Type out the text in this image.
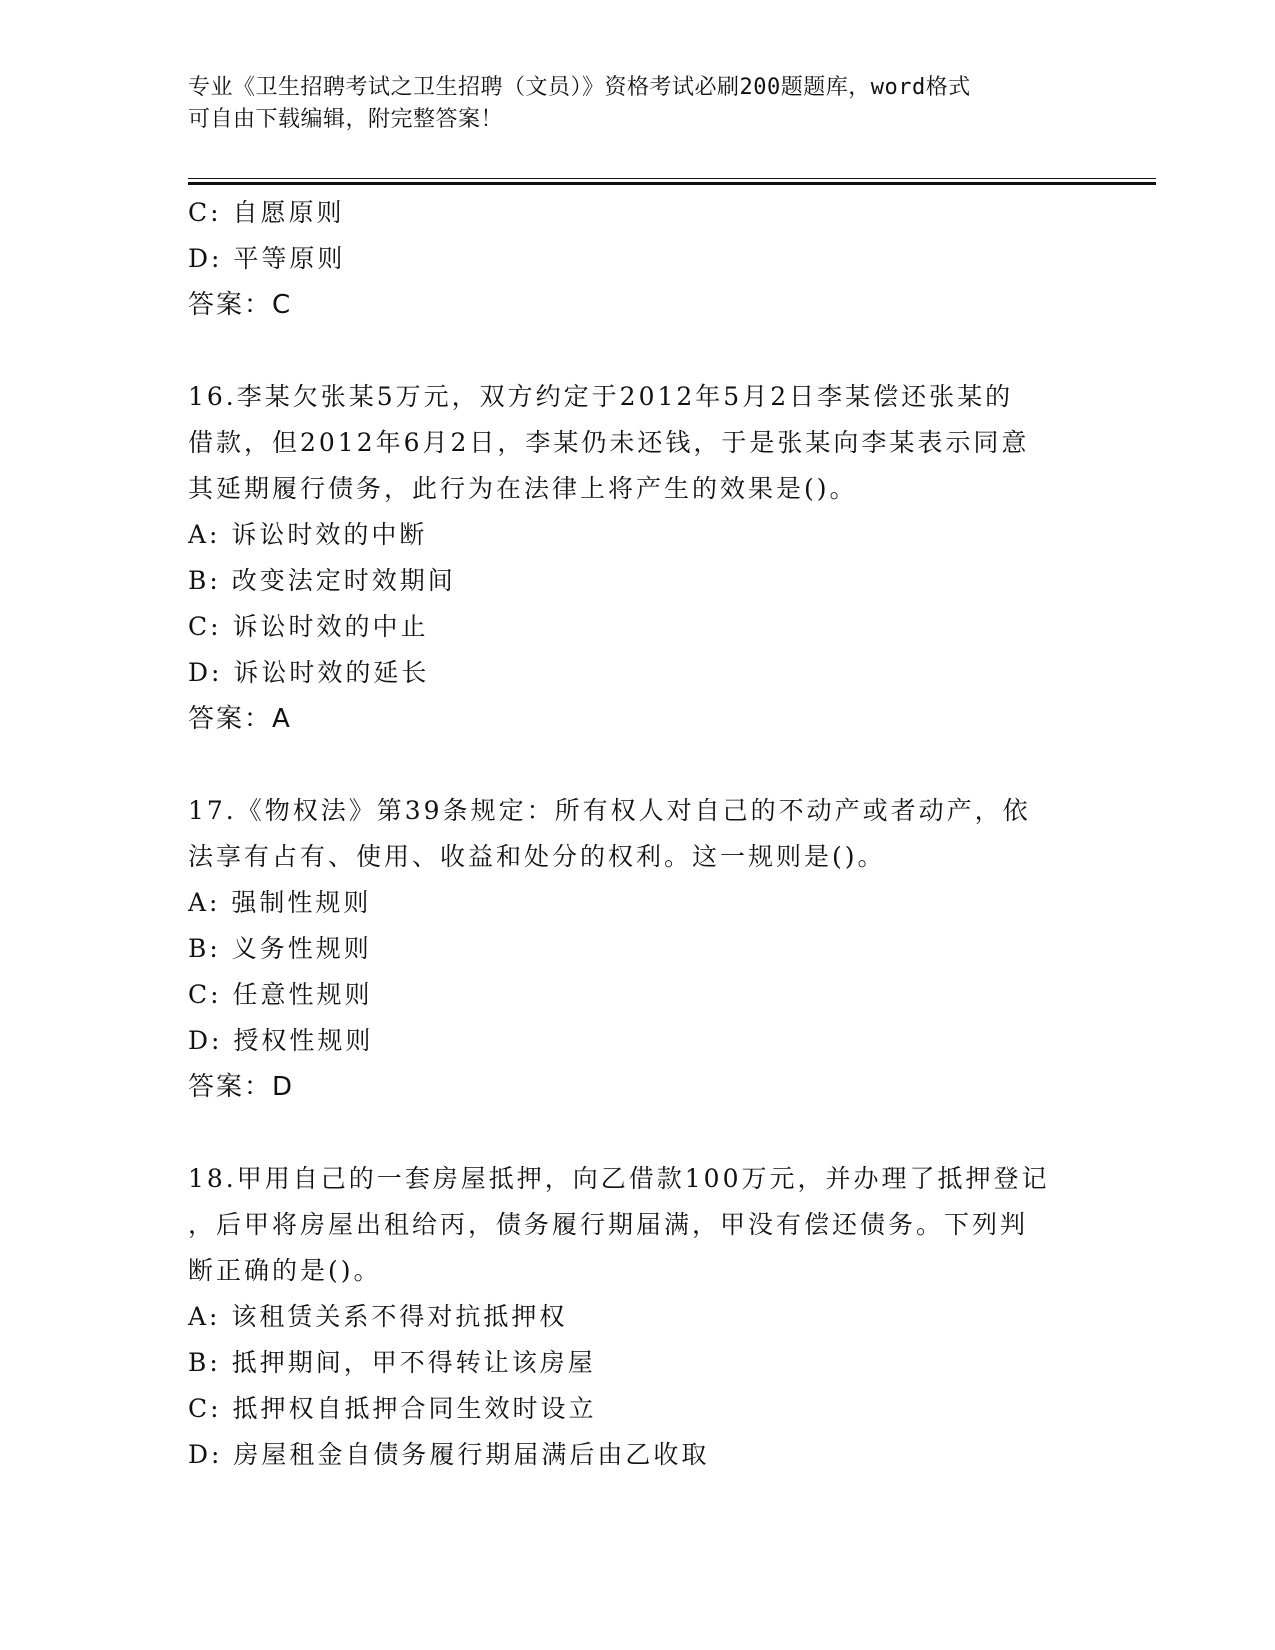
专业《卫生招聘考试之卫生招聘（文员）》资格考试必刷200题题库，word格式
可自由下载编辑，附完整答案！
C: 自愿原则
D: 平等原则
答案：C
16.李某欠张某5万元，双方约定于2012年5月2日李某偿还张某的
借款，但2012年6月2日，李某仍未还钱，于是张某向李某表示同意
其延期履行债务，此行为在法律上将产生的效果是()。
A: 诉讼时效的中断
B: 改变法定时效期间
C: 诉讼时效的中止
D: 诉讼时效的延长
答案：A
17.《物权法》第39条规定：所有权人对自己的不动产或者动产，依
法享有占有、使用、收益和处分的权利。这一规则是()。
A: 强制性规则
B: 义务性规则
C: 任意性规则
D: 授权性规则
答案：D
18.甲用自己的一套房屋抵押，向乙借款100万元，并办理了抵押登记
，后甲将房屋出租给丙，债务履行期届满，甲没有偿还债务。下列判
断正确的是()。
A: 该租赁关系不得对抗抵押权
B: 抵押期间，甲不得转让该房屋
C: 抵押权自抵押合同生效时设立
D: 房屋租金自债务履行期届满后由乙收取
